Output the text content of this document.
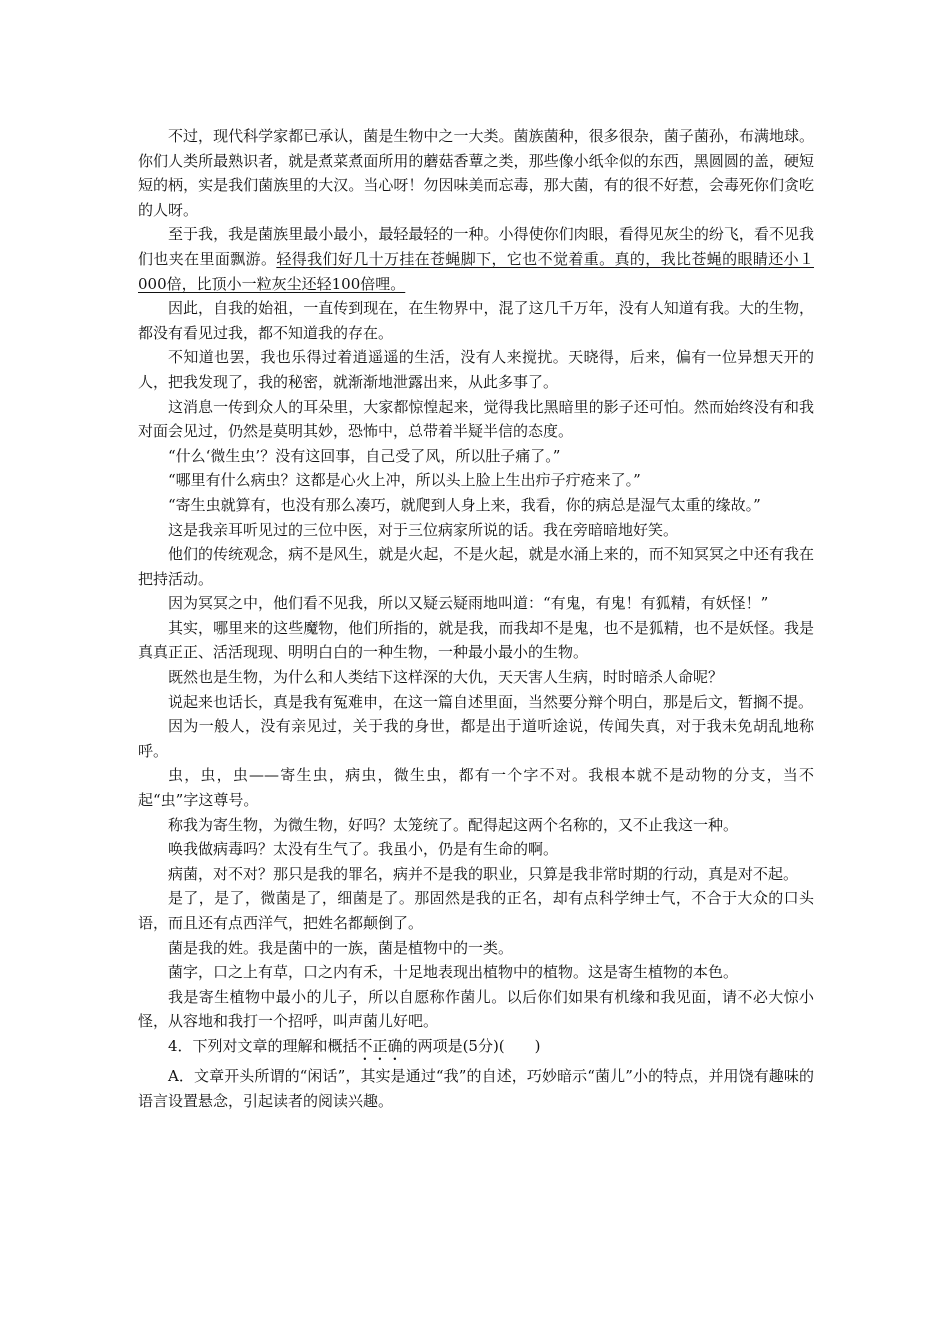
不过，现代科学家都已承认，菌是生物中之一大类。菌族菌种，很多很杂，菌子菌孙，布满地球。你们人类所最熟识者，就是煮菜煮面所用的蘑菇香蕈之类，那些像小纸伞似的东西，黑圆圆的盖，硬短短的柄，实是我们菌族里的大汉。当心呀！勿因味美而忘毒，那大菌，有的很不好惹，会毒死你们贪吃的人呀。

至于我，我是菌族里最小最小，最轻最轻的一种。小得使你们肉眼，看得见灰尘的纷飞，看不见我们也夹在里面飘游。轻得我们好几十万挂在苍蝇脚下，它也不觉着重。真的，我比苍蝇的眼睛还小１ 000倍，比顶小一粒灰尘还轻100倍哩。

因此，自我的始祖，一直传到现在，在生物界中，混了这几千万年，没有人知道有我。大的生物，都没有看见过我，都不知道我的存在。

不知道也罢，我也乐得过着逍遥遥的生活，没有人来搅扰。天晓得，后来，偏有一位异想天开的人，把我发现了，我的秘密，就渐渐地泄露出来，从此多事了。

这消息一传到众人的耳朵里，大家都惊惶起来，觉得我比黑暗里的影子还可怕。然而始终没有和我对面会见过，仍然是莫明其妙，恐怖中，总带着半疑半信的态度。

“什么‘微生虫’？没有这回事，自己受了风，所以肚子痛了。”

“哪里有什么病虫？这都是心火上冲，所以头上脸上生出疖子疔疮来了。”

“寄生虫就算有，也没有那么凑巧，就爬到人身上来，我看，你的病总是湿气太重的缘故。”

这是我亲耳听见过的三位中医，对于三位病家所说的话。我在旁暗暗地好笑。

他们的传统观念，病不是风生，就是火起，不是火起，就是水涌上来的，而不知冥冥之中还有我在把持活动。

因为冥冥之中，他们看不见我，所以又疑云疑雨地叫道：“有鬼，有鬼！有狐精，有妖怪！”

其实，哪里来的这些魔物，他们所指的，就是我，而我却不是鬼，也不是狐精，也不是妖怪。我是真真正正、活活现现、明明白白的一种生物，一种最小最小的生物。

既然也是生物，为什么和人类结下这样深的大仇，天天害人生病，时时暗杀人命呢？

说起来也话长，真是我有冤难申，在这一篇自述里面，当然要分辩个明白，那是后文，暂搁不提。

因为一般人，没有亲见过，关于我的身世，都是出于道听途说，传闻失真，对于我未免胡乱地称呼。

虫，虫，虫——寄生虫，病虫，微生虫，都有一个字不对。我根本就不是动物的分支，当不起“虫”字这尊号。

称我为寄生物，为微生物，好吗？太笼统了。配得起这两个名称的，又不止我这一种。

唤我做病毒吗？太没有生气了。我虽小，仍是有生命的啊。

病菌，对不对？那只是我的罪名，病并不是我的职业，只算是我非常时期的行动，真是对不起。

是了，是了，微菌是了，细菌是了。那固然是我的正名，却有点科学绅士气，不合于大众的口头语，而且还有点西洋气，把姓名都颠倒了。

菌是我的姓。我是菌中的一族，菌是植物中的一类。

菌字，口之上有草，口之内有禾，十足地表现出植物中的植物。这是寄生植物的本色。

我是寄生植物中最小的儿子，所以自愿称作菌儿。以后你们如果有机缘和我见面，请不必大惊小怪，从容地和我打一个招呼，叫声菌儿好吧。

4．下列对文章的理解和概括不正确的两项是(5分)(　　)

A．文章开头所谓的“闲话”，其实是通过“我”的自述，巧妙暗示“菌儿”小的特点，并用饶有趣味的语言设置悬念，引起读者的阅读兴趣。
